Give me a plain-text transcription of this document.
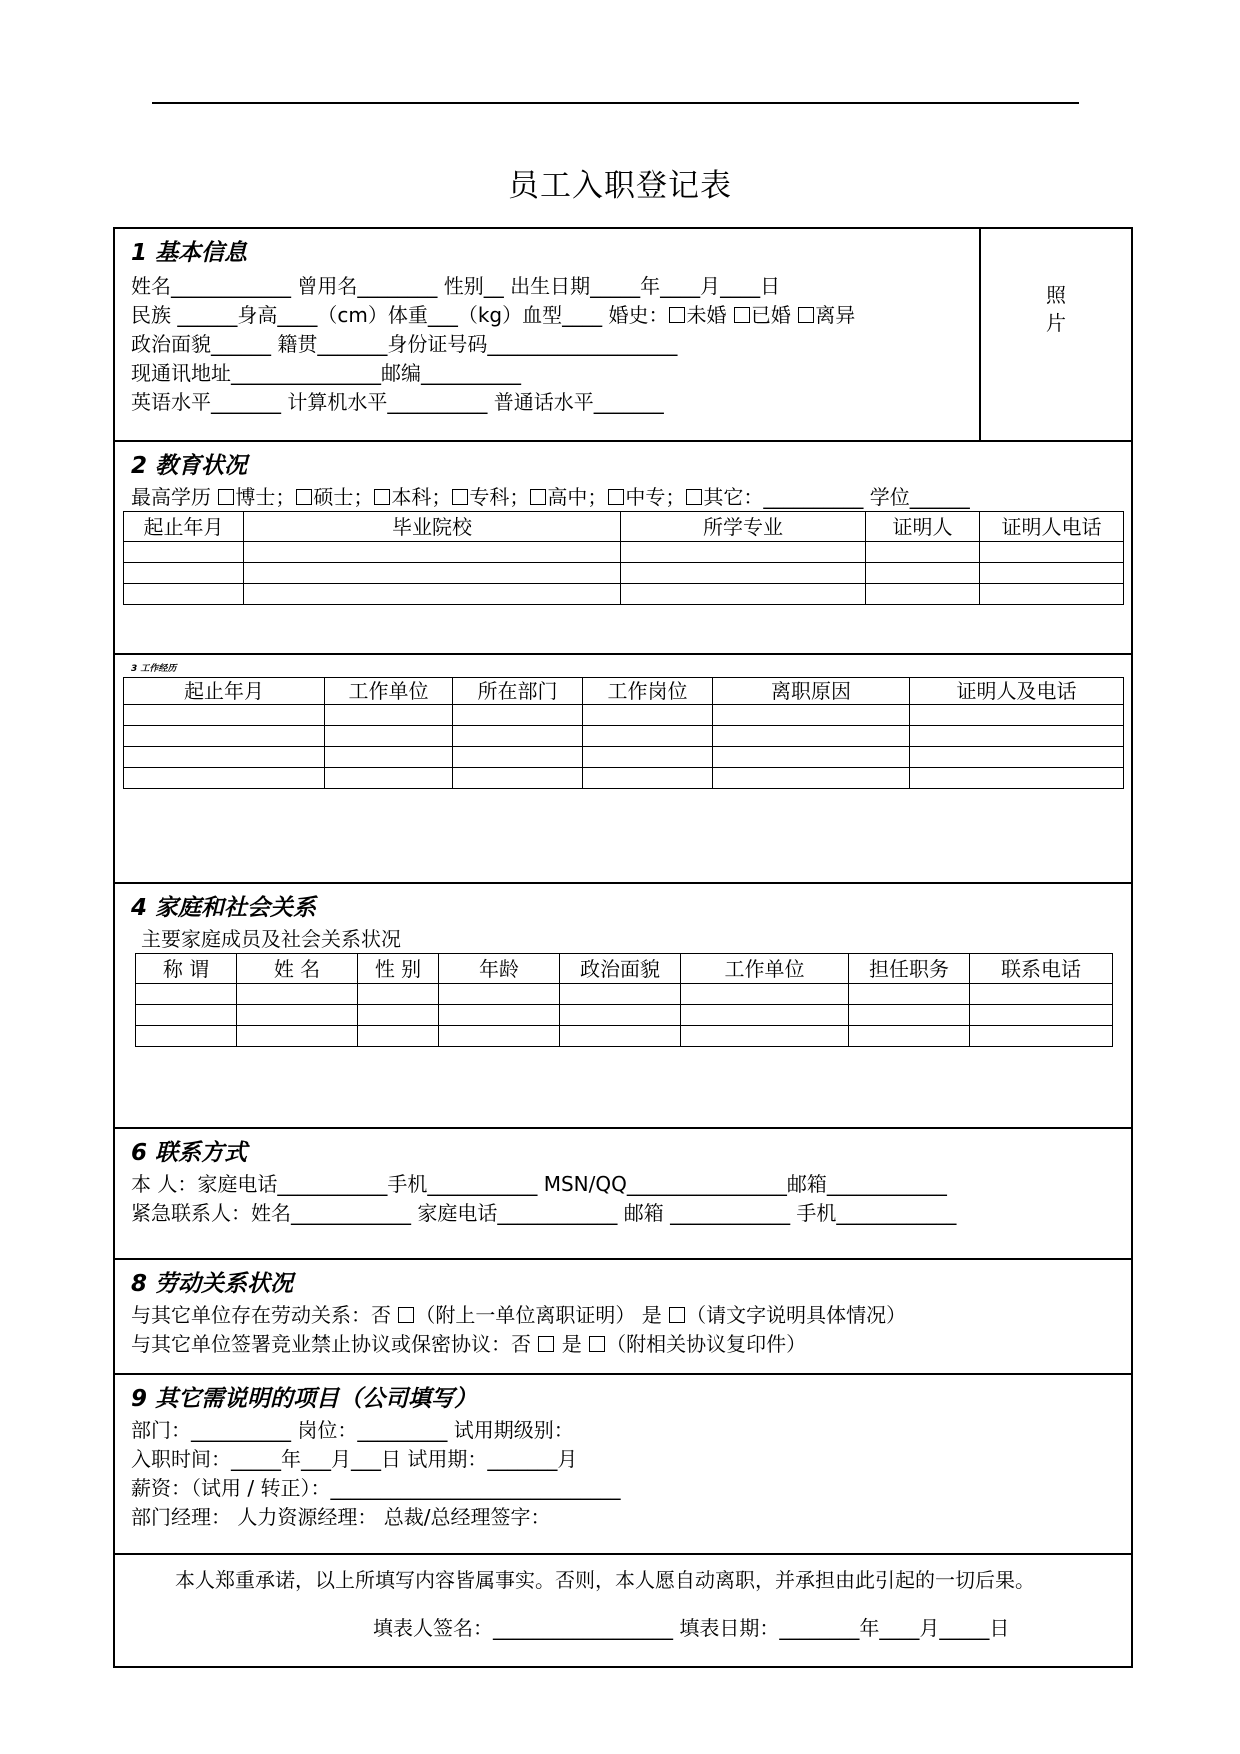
员工入职登记表
1 基本信息
姓名____________ 曾用名________ 性别__ 出生日期_____年____月____日
民族 ______身高____（cm）体重___（kg）血型____ 婚史： 未婚 已婚 离异
政治面貌______ 籍贯_______身份证号码___________________
现通讯地址_______________邮编__________
英语水平_______ 计算机水平__________ 普通话水平_______
照
片
2 教育状况
最高学历 博士； 硕士； 本科； 专科； 高中； 中专； 其它：__________ 学位______
起止年月	毕业院校	所学专业	证明人	证明人电话

3 工作经历
起止年月	工作单位	所在部门	工作岗位	离职原因	证明人及电话

4 家庭和社会关系
主要家庭成员及社会关系状况
称 谓	姓 名	性 别	年龄	政治面貌	工作单位	担任职务	联系电话

6 联系方式
本 人：家庭电话___________手机___________ MSN/QQ________________邮箱____________
紧急联系人：姓名____________ 家庭电话____________ 邮箱 ____________ 手机____________
8 劳动关系状况
与其它单位存在劳动关系：否 （附上一单位离职证明） 是 （请文字说明具体情况）
与其它单位签署竞业禁止协议或保密协议：否  是 （附相关协议复印件）
9 其它需说明的项目（公司填写）
部门：__________ 岗位：_________ 试用期级别：
入职时间：_____年___月___日 试用期：_______月
薪资：（试用 / 转正）：_____________________________
部门经理： 人力资源经理： 总裁/总经理签字：
本人郑重承诺，以上所填写内容皆属事实。否则，本人愿自动离职，并承担由此引起的一切后果。
填表人签名：__________________ 填表日期：________年____月_____日
